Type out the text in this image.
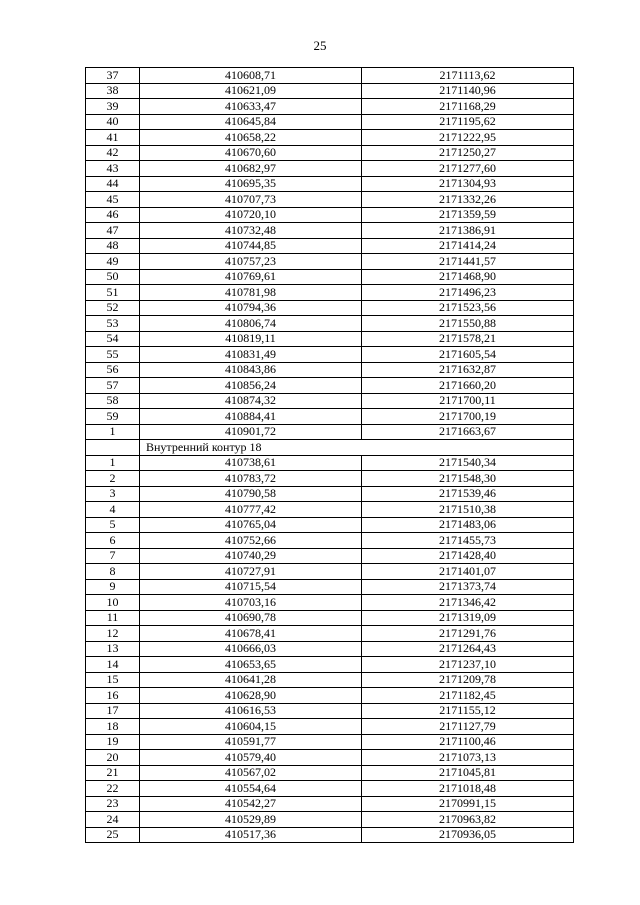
25
37	410608,71	2171113,62
38	410621,09	2171140,96
39	410633,47	2171168,29
40	410645,84	2171195,62
41	410658,22	2171222,95
42	410670,60	2171250,27
43	410682,97	2171277,60
44	410695,35	2171304,93
45	410707,73	2171332,26
46	410720,10	2171359,59
47	410732,48	2171386,91
48	410744,85	2171414,24
49	410757,23	2171441,57
50	410769,61	2171468,90
51	410781,98	2171496,23
52	410794,36	2171523,56
53	410806,74	2171550,88
54	410819,11	2171578,21
55	410831,49	2171605,54
56	410843,86	2171632,87
57	410856,24	2171660,20
58	410874,32	2171700,11
59	410884,41	2171700,19
1	410901,72	2171663,67
	Внутренний контур 18	
1	410738,61	2171540,34
2	410783,72	2171548,30
3	410790,58	2171539,46
4	410777,42	2171510,38
5	410765,04	2171483,06
6	410752,66	2171455,73
7	410740,29	2171428,40
8	410727,91	2171401,07
9	410715,54	2171373,74
10	410703,16	2171346,42
11	410690,78	2171319,09
12	410678,41	2171291,76
13	410666,03	2171264,43
14	410653,65	2171237,10
15	410641,28	2171209,78
16	410628,90	2171182,45
17	410616,53	2171155,12
18	410604,15	2171127,79
19	410591,77	2171100,46
20	410579,40	2171073,13
21	410567,02	2171045,81
22	410554,64	2171018,48
23	410542,27	2170991,15
24	410529,89	2170963,82
25	410517,36	2170936,05
